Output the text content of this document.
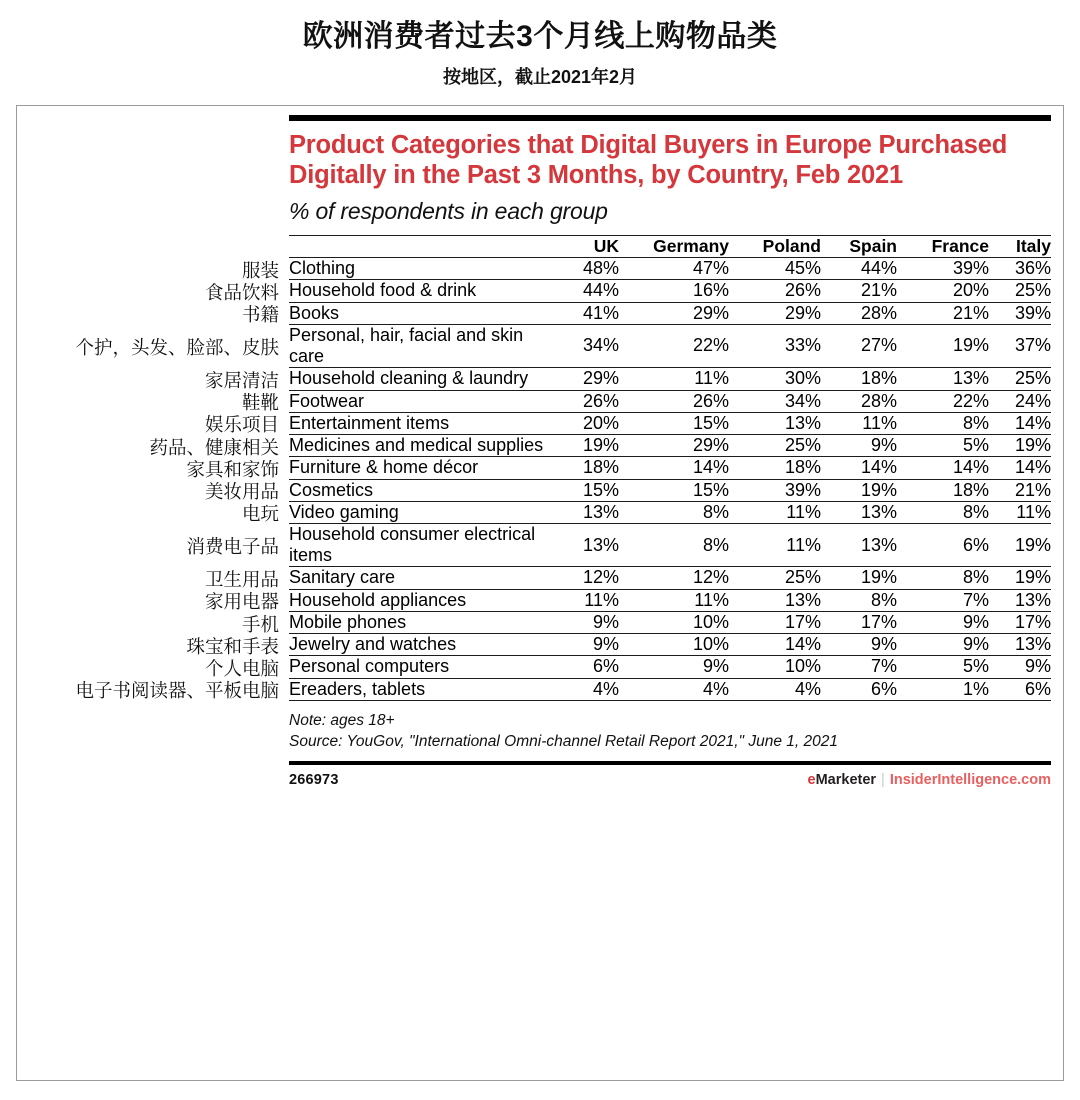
欧洲消费者过去3个月线上购物品类
按地区，截止2021年2月
服装
食品饮料
书籍
个护，头发、脸部、皮肤
家居清洁
鞋靴
娱乐项目
药品、健康相关
家具和家饰
美妆用品
电玩
消费电子品
卫生用品
家用电器
手机
珠宝和手表
个人电脑
电子书阅读器、平板电脑
Product Categories that Digital Buyers in Europe Purchased Digitally in the Past 3 Months, by Country, Feb 2021
% of respondents in each group
	UK	Germany	Poland	Spain	France	Italy
Clothing	48%	47%	45%	44%	39%	36%
Household food & drink	44%	16%	26%	21%	20%	25%
Books	41%	29%	29%	28%	21%	39%
Personal, hair, facial and skin care	34%	22%	33%	27%	19%	37%
Household cleaning & laundry	29%	11%	30%	18%	13%	25%
Footwear	26%	26%	34%	28%	22%	24%
Entertainment items	20%	15%	13%	11%	8%	14%
Medicines and medical supplies	19%	29%	25%	9%	5%	19%
Furniture & home décor	18%	14%	18%	14%	14%	14%
Cosmetics	15%	15%	39%	19%	18%	21%
Video gaming	13%	8%	11%	13%	8%	11%
Household consumer electrical items	13%	8%	11%	13%	6%	19%
Sanitary care	12%	12%	25%	19%	8%	19%
Household appliances	11%	11%	13%	8%	7%	13%
Mobile phones	9%	10%	17%	17%	9%	17%
Jewelry and watches	9%	10%	14%	9%	9%	13%
Personal computers	6%	9%	10%	7%	5%	9%
Ereaders, tablets	4%	4%	4%	6%	1%	6%
Note: ages 18+
Source: YouGov, "International Omni-channel Retail Report 2021," June 1, 2021
266973	eMarketer | InsiderIntelligence.com
